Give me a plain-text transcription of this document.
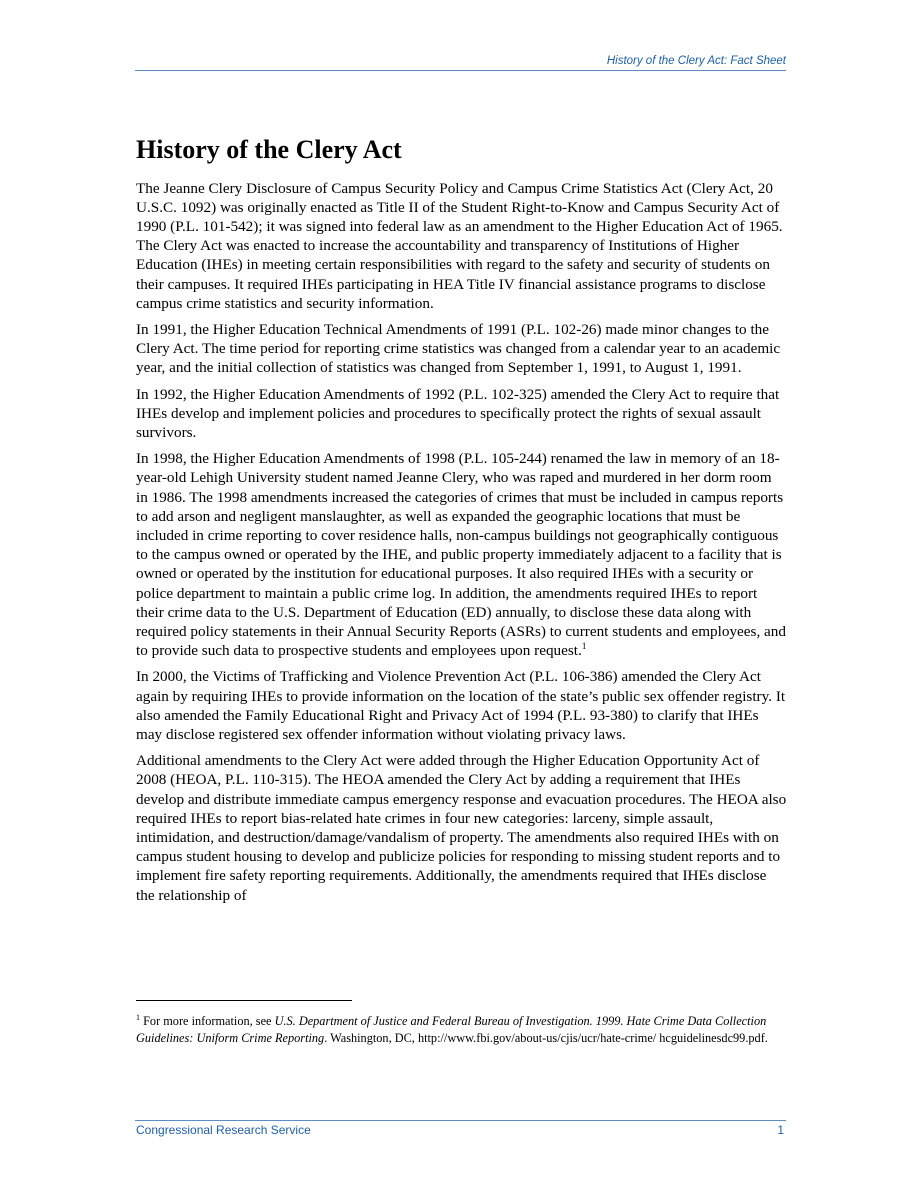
History of the Clery Act: Fact Sheet
History of the Clery Act

The Jeanne Clery Disclosure of Campus Security Policy and Campus Crime Statistics Act (Clery Act, 20 U.S.C. 1092) was originally enacted as Title II of the Student Right-to-Know and Campus Security Act of 1990 (P.L. 101-542); it was signed into federal law as an amendment to the Higher Education Act of 1965. The Clery Act was enacted to increase the accountability and transparency of Institutions of Higher Education (IHEs) in meeting certain responsibilities with regard to the safety and security of students on their campuses. It required IHEs participating in HEA Title IV financial assistance programs to disclose campus crime statistics and security information.

In 1991, the Higher Education Technical Amendments of 1991 (P.L. 102-26) made minor changes to the Clery Act. The time period for reporting crime statistics was changed from a calendar year to an academic year, and the initial collection of statistics was changed from September 1, 1991, to August 1, 1991.

In 1992, the Higher Education Amendments of 1992 (P.L. 102-325) amended the Clery Act to require that IHEs develop and implement policies and procedures to specifically protect the rights of sexual assault survivors.

In 1998, the Higher Education Amendments of 1998 (P.L. 105-244) renamed the law in memory of an 18-year-old Lehigh University student named Jeanne Clery, who was raped and murdered in her dorm room in 1986. The 1998 amendments increased the categories of crimes that must be included in campus reports to add arson and negligent manslaughter, as well as expanded the geographic locations that must be included in crime reporting to cover residence halls, non-campus buildings not geographically contiguous to the campus owned or operated by the IHE, and public property immediately adjacent to a facility that is owned or operated by the institution for educational purposes. It also required IHEs with a security or police department to maintain a public crime log. In addition, the amendments required IHEs to report their crime data to the U.S. Department of Education (ED) annually, to disclose these data along with required policy statements in their Annual Security Reports (ASRs) to current students and employees, and to provide such data to prospective students and employees upon request.$^1$

In 2000, the Victims of Trafficking and Violence Prevention Act (P.L. 106-386) amended the Clery Act again by requiring IHEs to provide information on the location of the state’s public sex offender registry. It also amended the Family Educational Right and Privacy Act of 1994 (P.L. 93-380) to clarify that IHEs may disclose registered sex offender information without violating privacy laws.

Additional amendments to the Clery Act were added through the Higher Education Opportunity Act of 2008 (HEOA, P.L. 110-315). The HEOA amended the Clery Act by adding a requirement that IHEs develop and distribute immediate campus emergency response and evacuation procedures. The HEOA also required IHEs to report bias-related hate crimes in four new categories: larceny, simple assault, intimidation, and destruction/damage/vandalism of property. The amendments also required IHEs with on campus student housing to develop and publicize policies for responding to missing student reports and to implement fire safety reporting requirements. Additionally, the amendments required that IHEs disclose the relationship of

$^1$ For more information, see U.S. Department of Justice and Federal Bureau of Investigation. 1999. Hate Crime Data Collection Guidelines: Uniform Crime Reporting. Washington, DC, http://www.fbi.gov/about-us/cjis/ucr/hate-crime/ hcguidelinesdc99.pdf.
Congressional Research Service	1
